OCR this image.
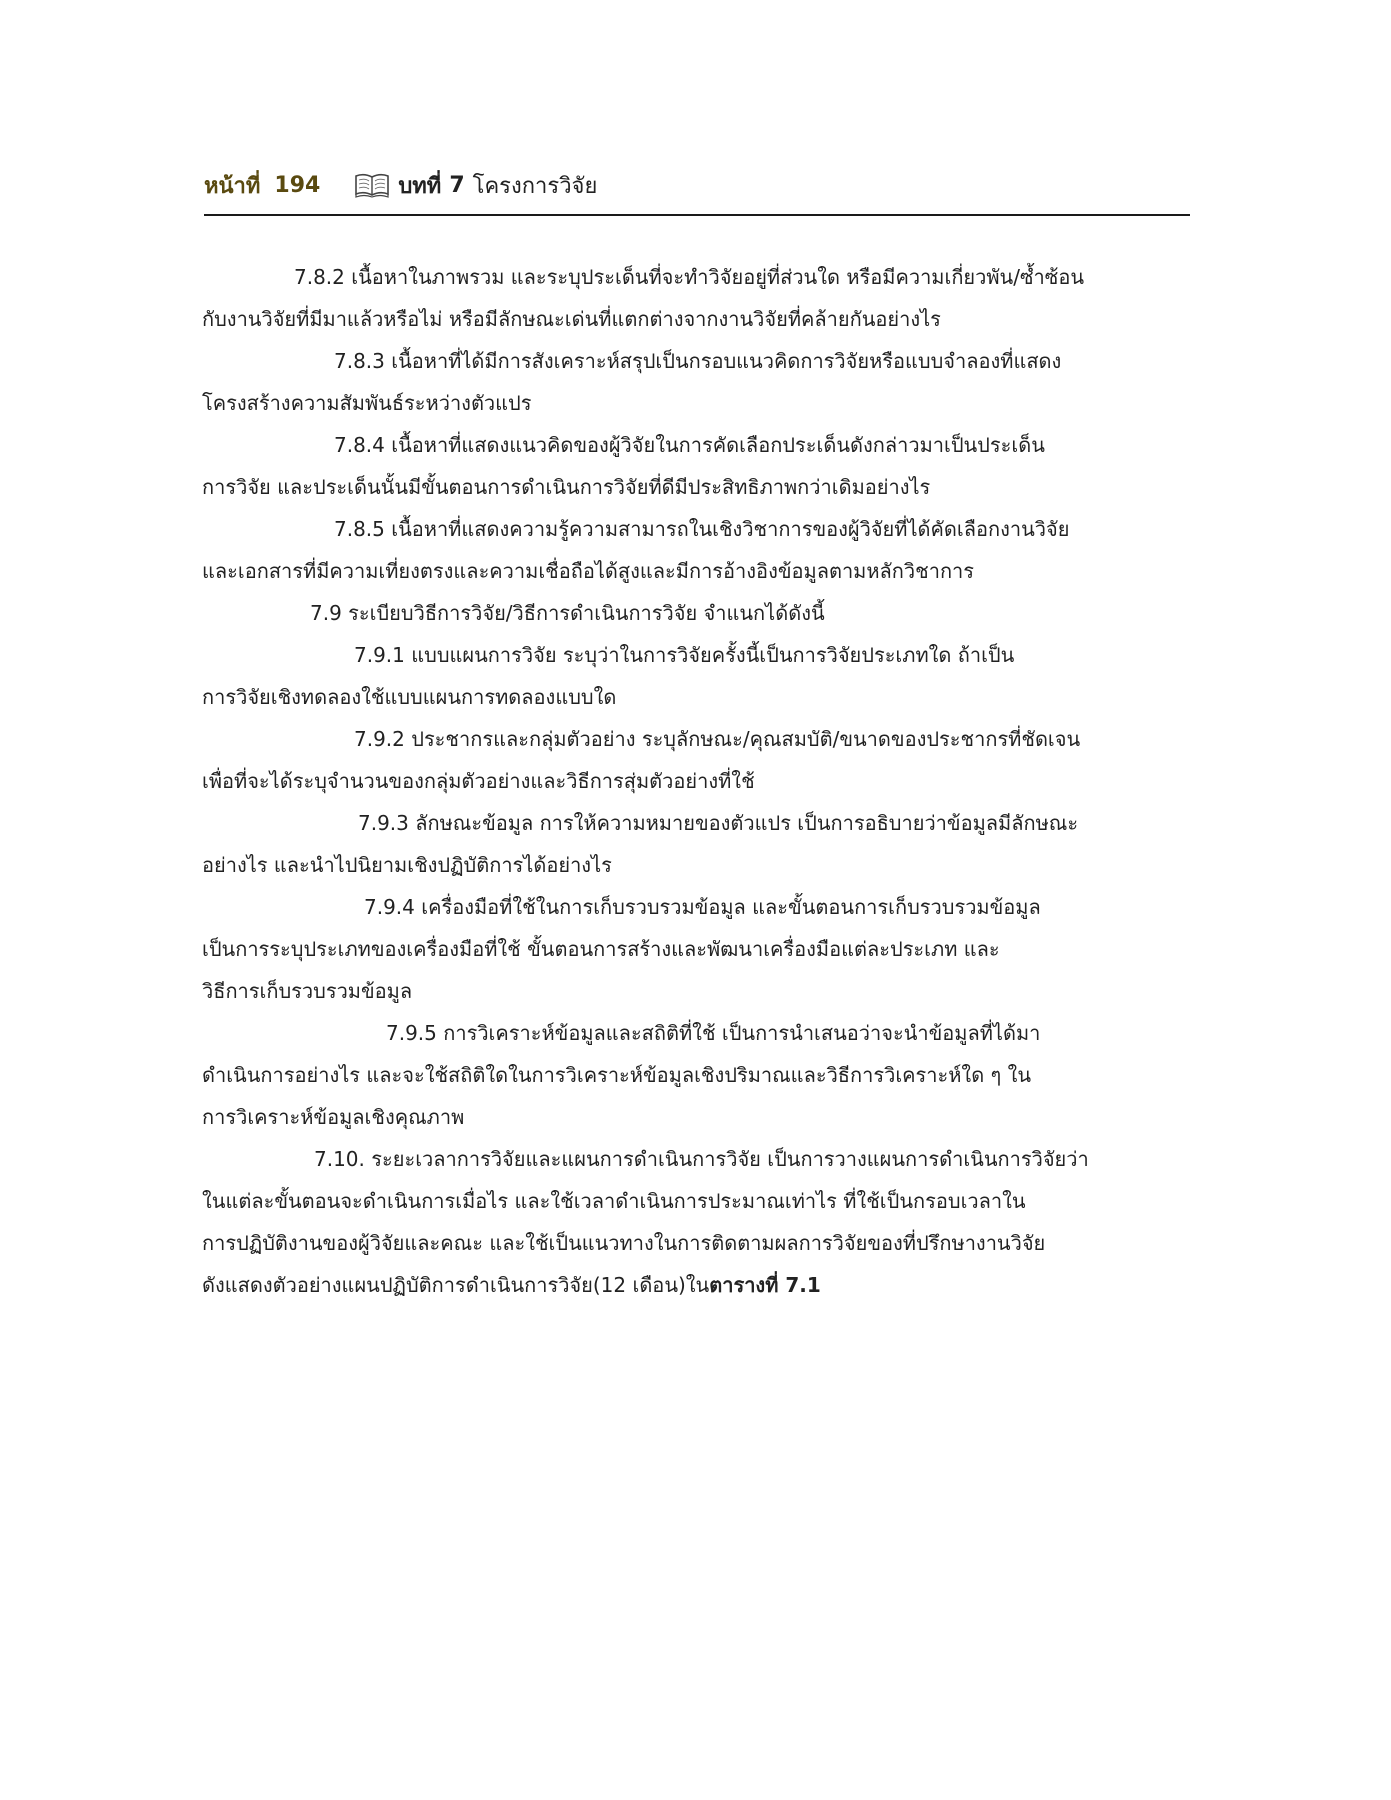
หน้าที่ 194	บทที่ 7 โครงการวิจัย
7.8.2 เนื้อหาในภาพรวม และระบุประเด็นที่จะทำวิจัยอยู่ที่ส่วนใด หรือมีความเกี่ยวพัน/ซ้ำซ้อน
กับงานวิจัยที่มีมาแล้วหรือไม่ หรือมีลักษณะเด่นที่แตกต่างจากงานวิจัยที่คล้ายกันอย่างไร
7.8.3 เนื้อหาที่ได้มีการสังเคราะห์สรุปเป็นกรอบแนวคิดการวิจัยหรือแบบจำลองที่แสดง
โครงสร้างความสัมพันธ์ระหว่างตัวแปร
7.8.4 เนื้อหาที่แสดงแนวคิดของผู้วิจัยในการคัดเลือกประเด็นดังกล่าวมาเป็นประเด็น
การวิจัย และประเด็นนั้นมีขั้นตอนการดำเนินการวิจัยที่ดีมีประสิทธิภาพกว่าเดิมอย่างไร
7.8.5 เนื้อหาที่แสดงความรู้ความสามารถในเชิงวิชาการของผู้วิจัยที่ได้คัดเลือกงานวิจัย
และเอกสารที่มีความเที่ยงตรงและความเชื่อถือได้สูงและมีการอ้างอิงข้อมูลตามหลักวิชาการ
7.9 ระเบียบวิธีการวิจัย/วิธีการดำเนินการวิจัย จำแนกได้ดังนี้
7.9.1 แบบแผนการวิจัย ระบุว่าในการวิจัยครั้งนี้เป็นการวิจัยประเภทใด ถ้าเป็น
การวิจัยเชิงทดลองใช้แบบแผนการทดลองแบบใด
7.9.2 ประชากรและกลุ่มตัวอย่าง ระบุลักษณะ/คุณสมบัติ/ขนาดของประชากรที่ชัดเจน
เพื่อที่จะได้ระบุจำนวนของกลุ่มตัวอย่างและวิธีการสุ่มตัวอย่างที่ใช้
7.9.3 ลักษณะข้อมูล การให้ความหมายของตัวแปร เป็นการอธิบายว่าข้อมูลมีลักษณะ
อย่างไร และนำไปนิยามเชิงปฏิบัติการได้อย่างไร
7.9.4 เครื่องมือที่ใช้ในการเก็บรวบรวมข้อมูล และขั้นตอนการเก็บรวบรวมข้อมูล
เป็นการระบุประเภทของเครื่องมือที่ใช้ ขั้นตอนการสร้างและพัฒนาเครื่องมือแต่ละประเภท และ
วิธีการเก็บรวบรวมข้อมูล
7.9.5 การวิเคราะห์ข้อมูลและสถิติที่ใช้ เป็นการนำเสนอว่าจะนำข้อมูลที่ได้มา
ดำเนินการอย่างไร และจะใช้สถิติใดในการวิเคราะห์ข้อมูลเชิงปริมาณและวิธีการวิเคราะห์ใด ๆ ใน
การวิเคราะห์ข้อมูลเชิงคุณภาพ
7.10. ระยะเวลาการวิจัยและแผนการดำเนินการวิจัย เป็นการวางแผนการดำเนินการวิจัยว่า
ในแต่ละขั้นตอนจะดำเนินการเมื่อไร และใช้เวลาดำเนินการประมาณเท่าไร ที่ใช้เป็นกรอบเวลาใน
การปฏิบัติงานของผู้วิจัยและคณะ และใช้เป็นแนวทางในการติดตามผลการวิจัยของที่ปรึกษางานวิจัย
ดังแสดงตัวอย่างแผนปฏิบัติการดำเนินการวิจัย(12 เดือน)ในตารางที่ 7.1
